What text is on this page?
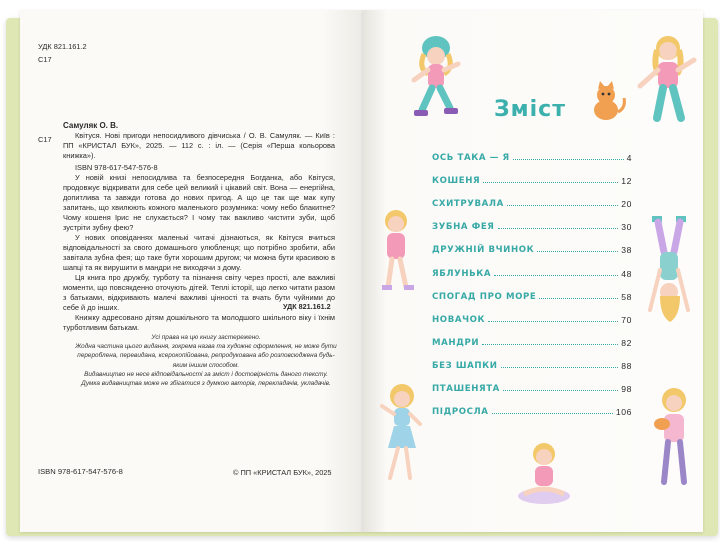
УДК 821.161.2
С17
С17

Самуляк О. В.

Квітуся. Нові пригоди непосидливого дівчиська / О. В. Самуляк. — Київ : ПП «КРИСТАЛ БУК», 2025. — 112 с. : іл. — (Серія «Перша кольорова книжка»).

ISBN 978-617-547-576-8

У новій книзі непосидлива та безпосередня Богданка, або Квітуся, продовжує відкривати для себе цей великий і цікавий світ. Вона — енергійна, допитлива та завжди готова до нових пригод. А що це так ще мак купу запитань, що хвилюють кожного маленького розумника: чому небо блакитне? Чому кошеня Ірис не слухається? І чому так важливо чистити зуби, щоб зустріти зубну фею?

У нових оповіданнях маленькі читачі дізнаються, як Квітуся вчиться відповідальності за свого домашнього улюбленця; що потрібно зробити, аби завітала зубна фея; що таке бути хорошим другом; чи можна бути красивою в шапці та як вирушити в мандри не виходячи з дому.

Ця книга про дружбу, турботу та пізнання світу через прості, але важливі моменти, що повсякденно оточують дітей. Теплі історії, що легко читати разом з батьками, відкривають малечі важливі цінності та вчать бути чуйними до себе й до інших.

Книжку адресовано дітям дошкільного та молодшого шкільного віку і їхнім турботливим батькам.

УДК 821.161.2
Усі права на цю книгу застережено.
Жодна частина цього видання, зокрема назва та художнє оформлення, не може бути перероблена, перевидана, ксерокопійована, репродукована або розповсюджена будь-яким іншим способом.
Видавництво не несе відповідальності за зміст і достовірність даного тексту.
Думка видавництва може не збігатися з думкою авторів, перекладачів, укладачів.
ISBN 978-617-547-576-8	© ПП «КРИСТАЛ БУК», 2025
Зміст
ОСЬ ТАКА — Я	4
КОШЕНЯ	12
СХИТРУВАЛА	20
ЗУБНА ФЕЯ	30
ДРУЖНІЙ ВЧИНОК	38
ЯБЛУНЬКА	48
СПОГАД ПРО МОРЕ	58
НОВАЧОК	70
МАНДРИ	82
БЕЗ ШАПКИ	88
ПТАШЕНЯТА	98
ПІДРОСЛА	106
